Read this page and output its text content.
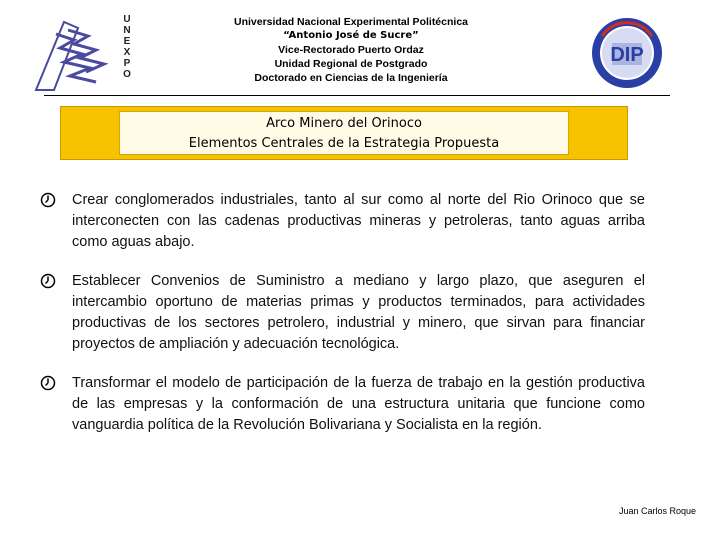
U
N
E
X
P
O
Universidad Nacional Experimental Politécnica
“Antonio José de Sucre”
Vice-Rectorado Puerto Ordaz
Unidad Regional de Postgrado
Doctorado en Ciencias de la Ingeniería
DIP
Arco Minero del Orinoco
Elementos Centrales de la Estrategia Propuesta
Crear conglomerados industriales, tanto al sur como al norte del Rio Orinoco que se interconecten con las cadenas productivas mineras y petroleras, tanto aguas arriba como aguas abajo.
Establecer Convenios de Suministro a mediano y largo plazo, que aseguren el intercambio oportuno de materias primas y productos terminados, para actividades productivas de los sectores petrolero, industrial y minero, que sirvan para financiar proyectos de ampliación y adecuación tecnológica.
Transformar el modelo de participación de la fuerza de trabajo en la gestión productiva de las empresas y la conformación de una estructura unitaria que funcione como vanguardia política de la Revolución Bolivariana y Socialista en la región.
Juan Carlos Roque
